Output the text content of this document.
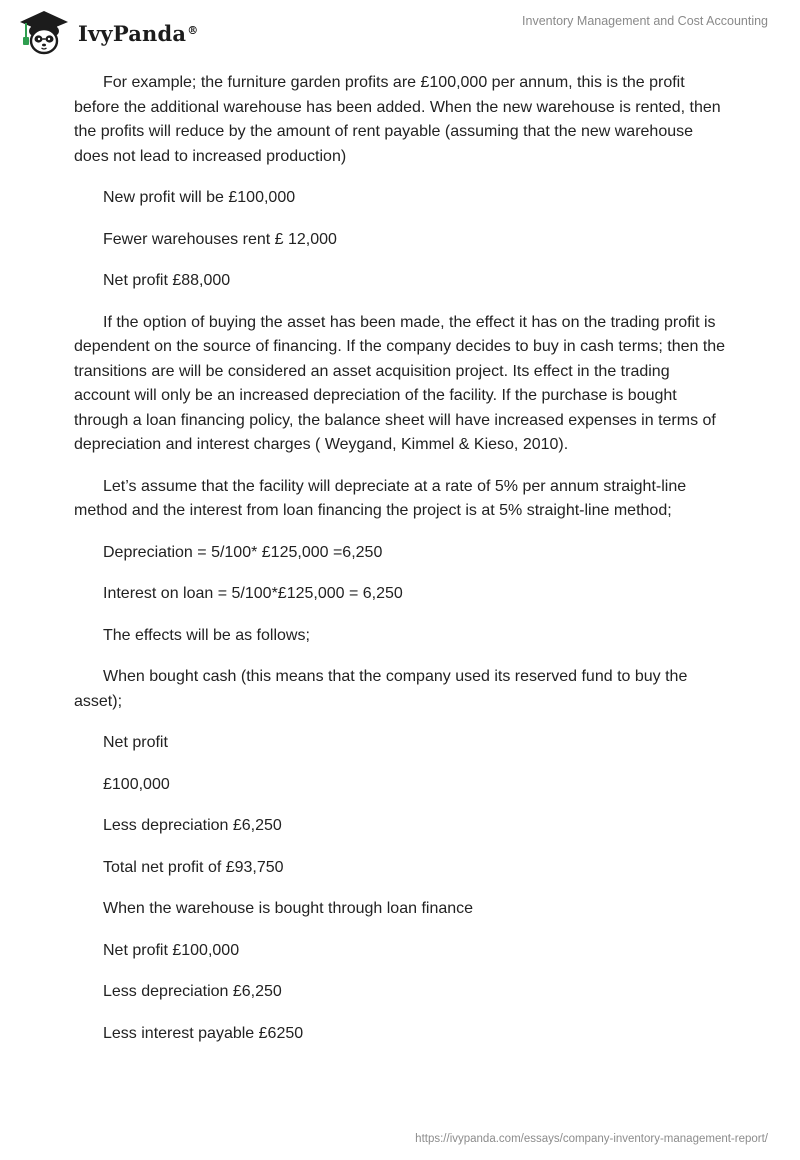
IvyPanda®
Inventory Management and Cost Accounting

For example; the furniture garden profits are £100,000 per annum, this is the profit before the additional warehouse has been added. When the new warehouse is rented, then the profits will reduce by the amount of rent payable (assuming that the new warehouse does not lead to increased production)

New profit will be £100,000

Fewer warehouses rent £ 12,000

Net profit £88,000

If the option of buying the asset has been made, the effect it has on the trading profit is dependent on the source of financing. If the company decides to buy in cash terms; then the transitions are will be considered an asset acquisition project. Its effect in the trading account will only be an increased depreciation of the facility. If the purchase is bought through a loan financing policy, the balance sheet will have increased expenses in terms of depreciation and interest charges ( Weygand, Kimmel & Kieso, 2010).

Let’s assume that the facility will depreciate at a rate of 5% per annum straight-line method and the interest from loan financing the project is at 5% straight-line method;

Depreciation = 5/100* £125,000 =6,250

Interest on loan = 5/100*£125,000 = 6,250

The effects will be as follows;

When bought cash (this means that the company used its reserved fund to buy the asset);

Net profit

£100,000

Less depreciation £6,250

Total net profit of £93,750

When the warehouse is bought through loan finance

Net profit £100,000

Less depreciation £6,250

Less interest payable £6250

https://ivypanda.com/essays/company-inventory-management-report/
